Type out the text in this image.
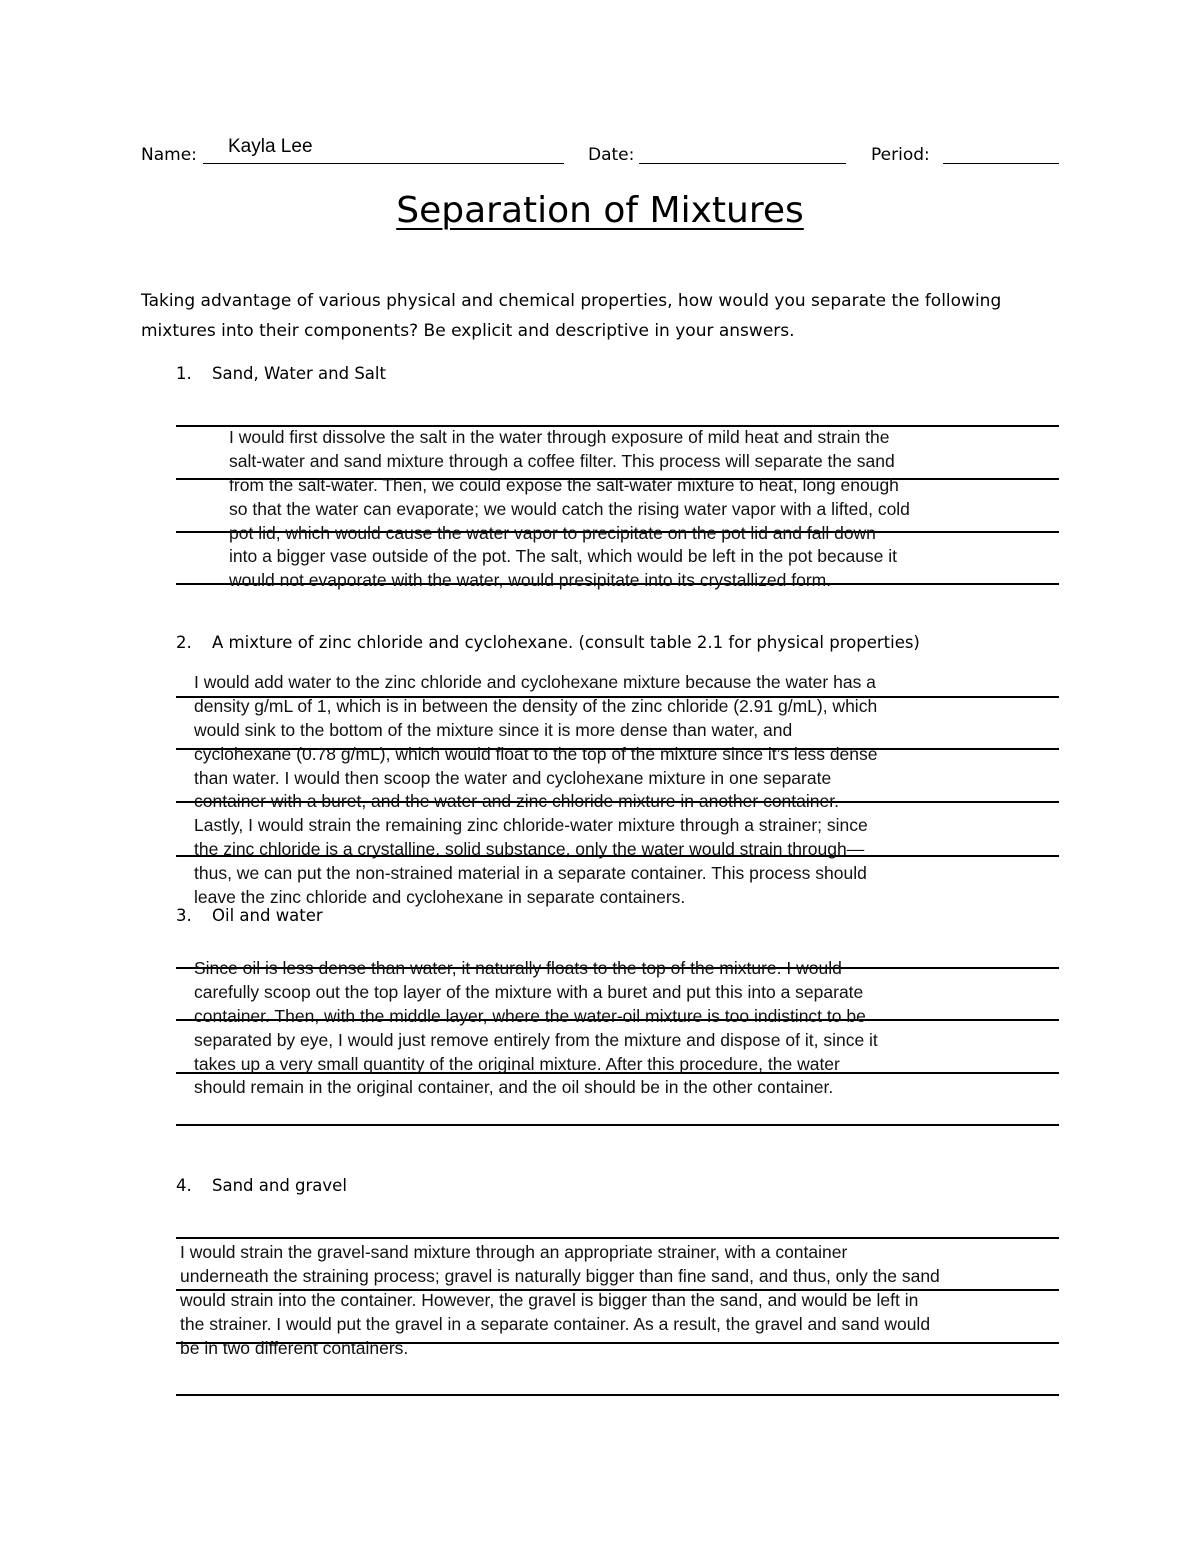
Name: Kayla Lee	Date:	Period:
Separation of Mixtures
Taking advantage of various physical and chemical properties, how would you separate the following
mixtures into their components? Be explicit and descriptive in your answers.
1. Sand, Water and Salt
I would first dissolve the salt in the water through exposure of mild heat and strain the
salt-water and sand mixture through a coffee filter. This process will separate the sand
from the salt-water. Then, we could expose the salt-water mixture to heat, long enough
so that the water can evaporate; we would catch the rising water vapor with a lifted, cold
pot lid, which would cause the water vapor to precipitate on the pot lid and fall down
into a bigger vase outside of the pot. The salt, which would be left in the pot because it
would not evaporate with the water, would presipitate into its crystallized form.
2. A mixture of zinc chloride and cyclohexane. (consult table 2.1 for physical properties)
I would add water to the zinc chloride and cyclohexane mixture because the water has a
density g/mL of 1, which is in between the density of the zinc chloride (2.91 g/mL), which
would sink to the bottom of the mixture since it is more dense than water, and
cyclohexane (0.78 g/mL), which would float to the top of the mixture since it’s less dense
than water. I would then scoop the water and cyclohexane mixture in one separate
container with a buret, and the water and zinc chloride mixture in another container.
Lastly, I would strain the remaining zinc chloride-water mixture through a strainer; since
the zinc chloride is a crystalline, solid substance, only the water would strain through—
thus, we can put the non-strained material in a separate container. This process should
leave the zinc chloride and cyclohexane in separate containers.
3. Oil and water
Since oil is less dense than water, it naturally floats to the top of the mixture. I would
carefully scoop out the top layer of the mixture with a buret and put this into a separate
container. Then, with the middle layer, where the water-oil mixture is too indistinct to be
separated by eye, I would just remove entirely from the mixture and dispose of it, since it
takes up a very small quantity of the original mixture. After this procedure, the water
should remain in the original container, and the oil should be in the other container.
4. Sand and gravel
I would strain the gravel-sand mixture through an appropriate strainer, with a container
underneath the straining process; gravel is naturally bigger than fine sand, and thus, only the sand
would strain into the container. However, the gravel is bigger than the sand, and would be left in
the strainer. I would put the gravel in a separate container. As a result, the gravel and sand would
be in two different containers.
